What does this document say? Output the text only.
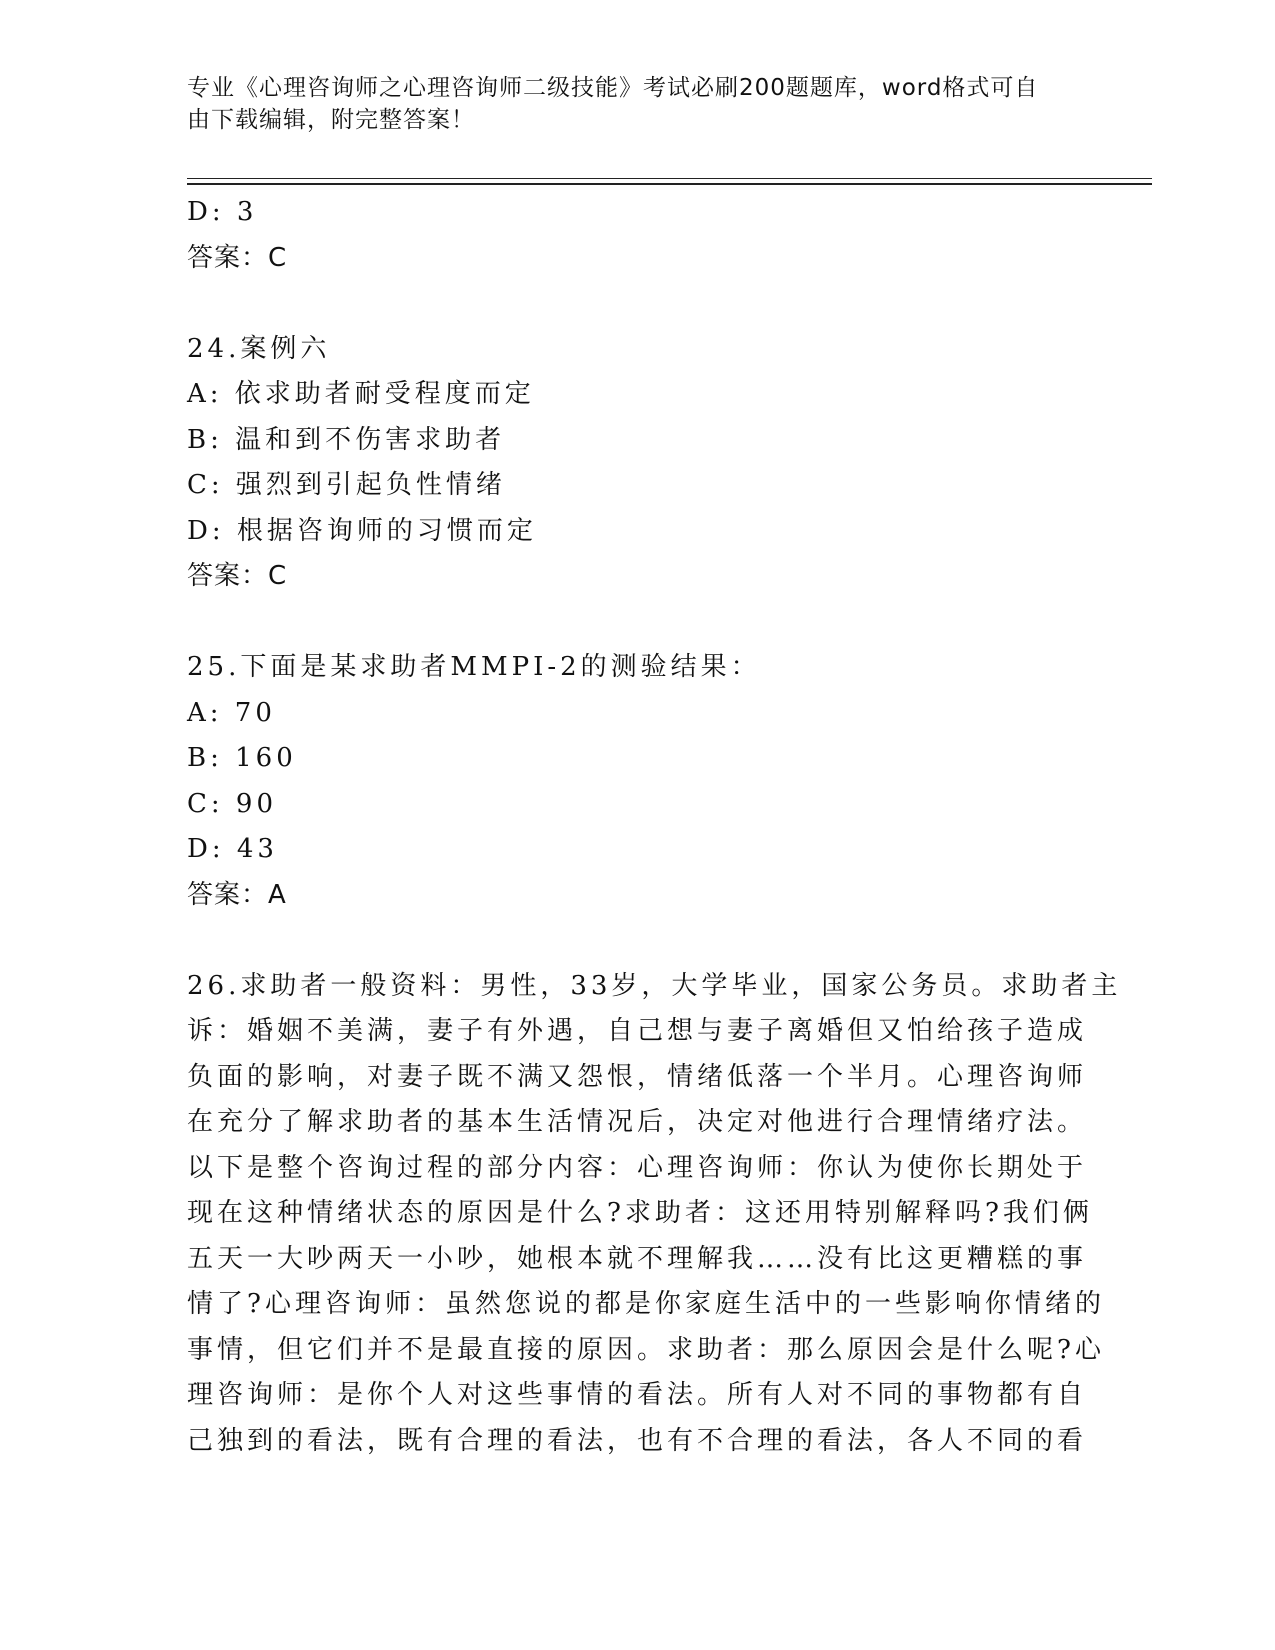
专业《心理咨询师之心理咨询师二级技能》考试必刷200题题库，word格式可自
由下载编辑，附完整答案！
D: 3
答案：C
24.案例六
A: 依求助者耐受程度而定
B: 温和到不伤害求助者
C: 强烈到引起负性情绪
D: 根据咨询师的习惯而定
答案：C
25.下面是某求助者MMPI-2的测验结果：
A: 70
B: 160
C: 90
D: 43
答案：A
26.求助者一般资料：男性，33岁，大学毕业，国家公务员。求助者主
诉：婚姻不美满，妻子有外遇，自己想与妻子离婚但又怕给孩子造成
负面的影响，对妻子既不满又怨恨，情绪低落一个半月。心理咨询师
在充分了解求助者的基本生活情况后，决定对他进行合理情绪疗法。
以下是整个咨询过程的部分内容：心理咨询师：你认为使你长期处于
现在这种情绪状态的原因是什么?求助者：这还用特别解释吗?我们俩
五天一大吵两天一小吵，她根本就不理解我……没有比这更糟糕的事
情了?心理咨询师：虽然您说的都是你家庭生活中的一些影响你情绪的
事情，但它们并不是最直接的原因。求助者：那么原因会是什么呢?心
理咨询师：是你个人对这些事情的看法。所有人对不同的事物都有自
己独到的看法，既有合理的看法，也有不合理的看法，各人不同的看
